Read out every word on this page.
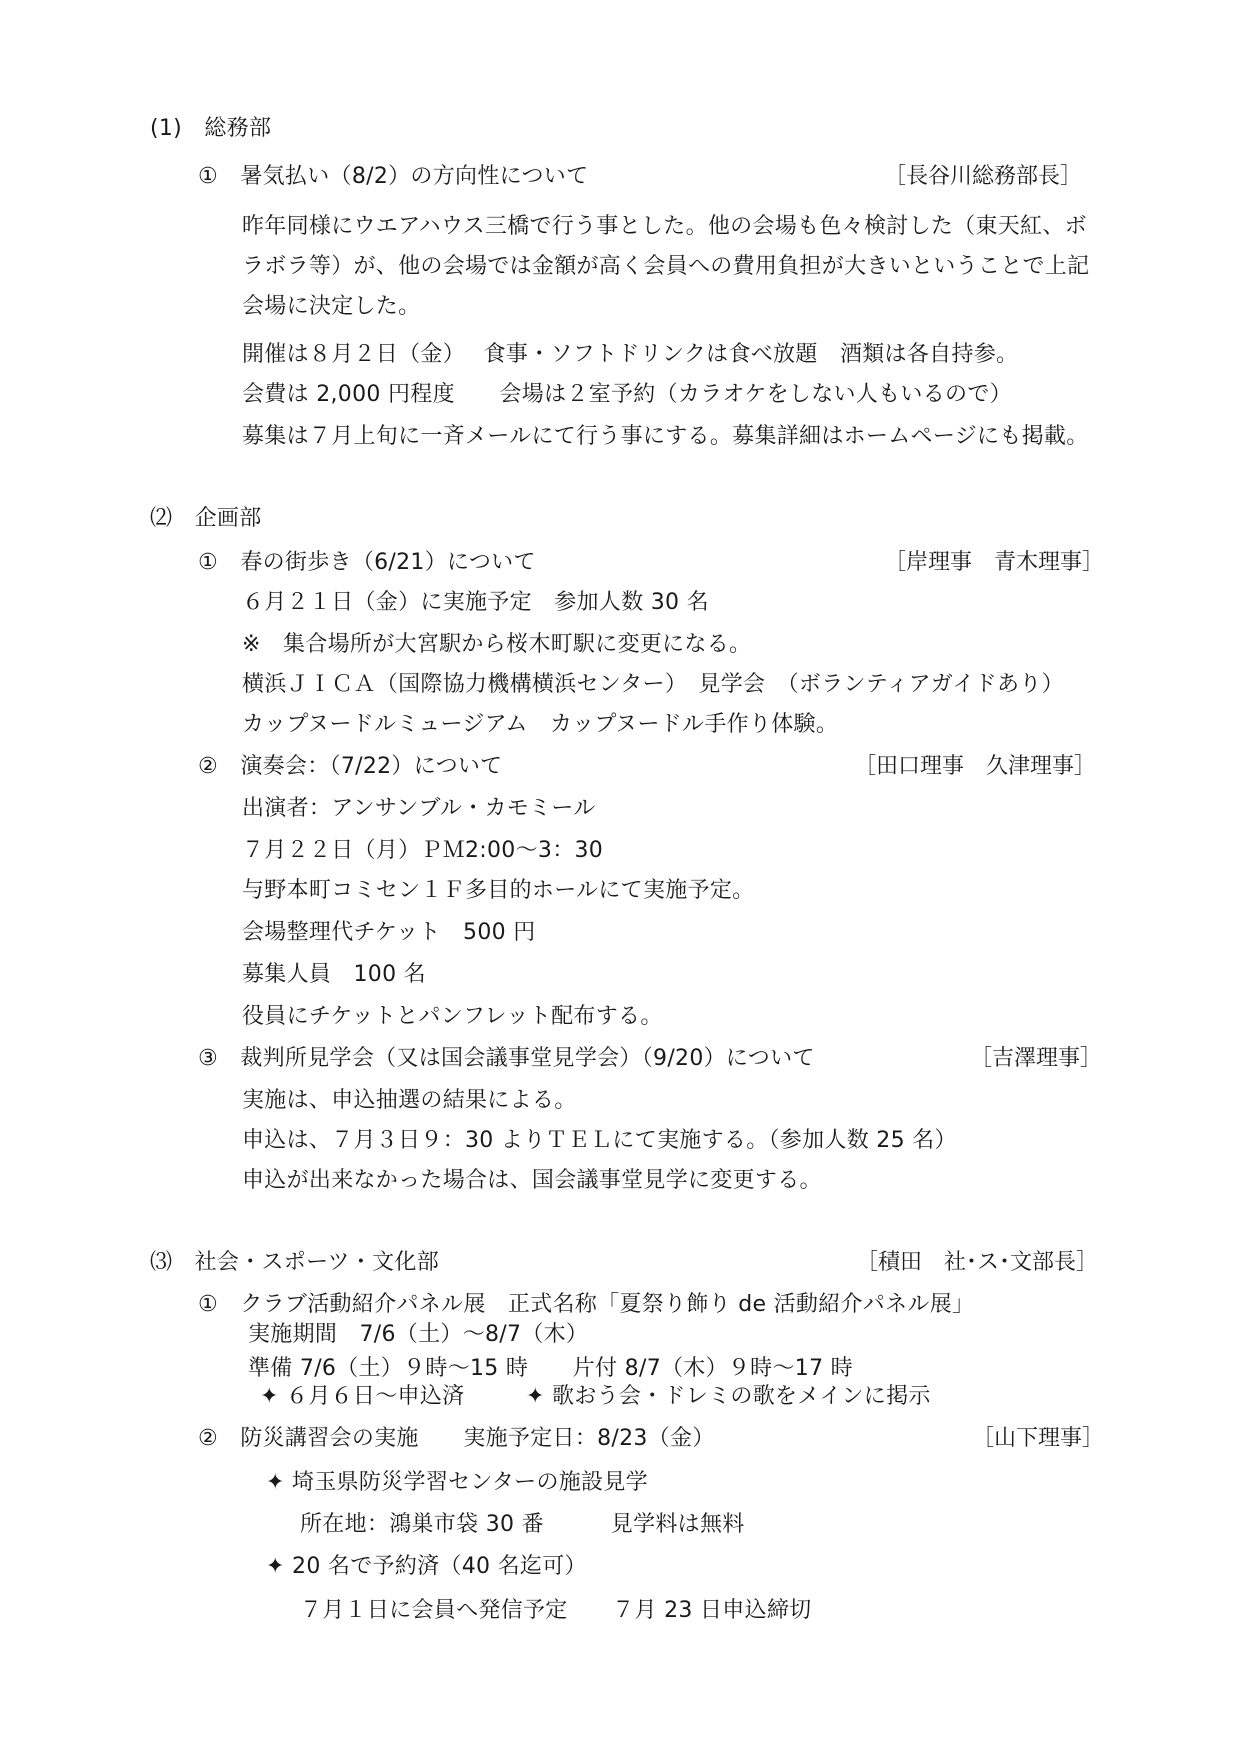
(1)　総務部
①　暑気払い（8/2）の方向性について	［長谷川総務部長］
昨年同様にウエアハウス三橋で行う事とした。他の会場も色々検討した（東天紅、ボ
ラボラ等）が、他の会場では金額が高く会員への費用負担が大きいということで上記
会場に決定した。
開催は８月２日（金）　 食事・ソフトドリンクは食べ放題　酒類は各自持参。
会費は 2,000 円程度　　会場は２室予約（カラオケをしない人もいるので）
募集は７月上旬に一斉メールにて行う事にする。募集詳細はホームページにも掲載。
⑵　企画部
①　春の街歩き（6/21）について	［岸理事　青木理事］
６月２１日（金）に実施予定　参加人数 30 名
※　集合場所が大宮駅から桜木町駅に変更になる。
横浜ＪＩＣＡ（国際協力機構横浜センター）　見学会　（ボランティアガイドあり）
カップヌードルミュージアム　カップヌードル手作り体験。
②　演奏会：（7/22）について	［田口理事　久津理事］
出演者：アンサンブル・カモミール
７月２２日（月）ＰＭ2:00～3：30
与野本町コミセン１Ｆ多目的ホールにて実施予定。
会場整理代チケット　500 円
募集人員　100 名
役員にチケットとパンフレット配布する。
③　裁判所見学会（又は国会議事堂見学会）（9/20）について	［吉澤理事］
実施は、申込抽選の結果による。
申込は、７月３日９：30 よりＴＥＬにて実施する。（参加人数 25 名）
申込が出来なかった場合は、国会議事堂見学に変更する。
⑶　社会・スポーツ・文化部	［積田　社･ス･文部長］
①　クラブ活動紹介パネル展　正式名称「夏祭り飾り de 活動紹介パネル展」
実施期間　7/6（土）～8/7（木）
準備 7/6（土）９時～15 時　　片付 8/7（木）９時～17 時
✦ ６月６日～申込済	✦ 歌おう会・ドレミの歌をメインに掲示
②　防災講習会の実施　　実施予定日：8/23（金）	［山下理事］
✦ 埼玉県防災学習センターの施設見学
所在地：鴻巣市袋 30 番　　　見学料は無料
✦ 20 名で予約済（40 名迄可）
７月１日に会員へ発信予定　　７月 23 日申込締切
